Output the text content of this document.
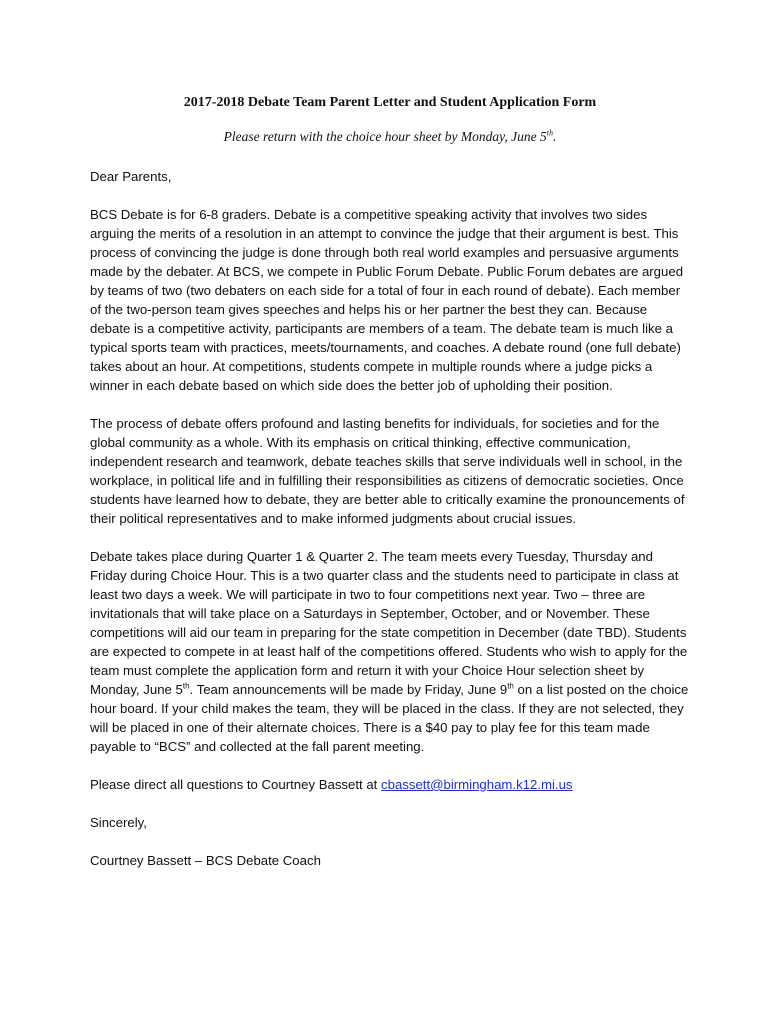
2017-2018 Debate Team Parent Letter and Student Application Form
Please return with the choice hour sheet by Monday, June 5th.

Dear Parents,

BCS Debate is for 6-8 graders. Debate is a competitive speaking activity that involves two sides arguing the merits of a resolution in an attempt to convince the judge that their argument is best. This process of convincing the judge is done through both real world examples and persuasive arguments made by the debater. At BCS, we compete in Public Forum Debate. Public Forum debates are argued by teams of two (two debaters on each side for a total of four in each round of debate). Each member of the two-person team gives speeches and helps his or her partner the best they can. Because debate is a competitive activity, participants are members of a team. The debate team is much like a typical sports team with practices, meets/tournaments, and coaches. A debate round (one full debate) takes about an hour. At competitions, students compete in multiple rounds where a judge picks a winner in each debate based on which side does the better job of upholding their position.

The process of debate offers profound and lasting benefits for individuals, for societies and for the global community as a whole. With its emphasis on critical thinking, effective communication, independent research and teamwork, debate teaches skills that serve individuals well in school, in the workplace, in political life and in fulfilling their responsibilities as citizens of democratic societies. Once students have learned how to debate, they are better able to critically examine the pronouncements of their political representatives and to make informed judgments about crucial issues.

Debate takes place during Quarter 1 & Quarter 2. The team meets every Tuesday, Thursday and Friday during Choice Hour. This is a two quarter class and the students need to participate in class at least two days a week. We will participate in two to four competitions next year. Two – three are invitationals that will take place on a Saturdays in September, October, and or November. These competitions will aid our team in preparing for the state competition in December (date TBD). Students are expected to compete in at least half of the competitions offered. Students who wish to apply for the team must complete the application form and return it with your Choice Hour selection sheet by Monday, June 5th. Team announcements will be made by Friday, June 9th on a list posted on the choice hour board. If your child makes the team, they will be placed in the class. If they are not selected, they will be placed in one of their alternate choices. There is a $40 pay to play fee for this team made payable to “BCS” and collected at the fall parent meeting.

Please direct all questions to Courtney Bassett at cbassett@birmingham.k12.mi.us

Sincerely,

Courtney Bassett – BCS Debate Coach
